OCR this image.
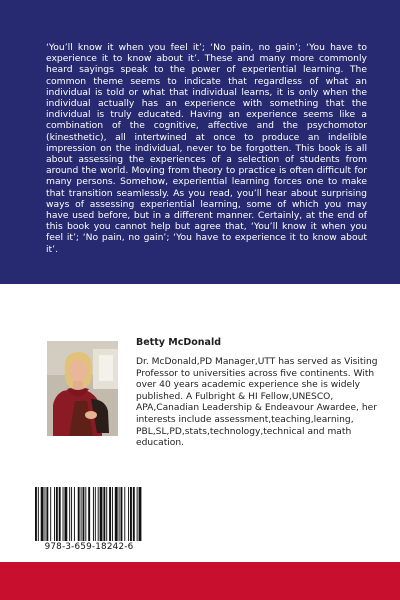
‘You’ll know it when you feel it’; ‘No pain, no gain’; ‘You have to experience it to know about it’. These and many more commonly heard sayings speak to the power of experiential learning. The common theme seems to indicate that regardless of what an individual is told or what that individual learns, it is only when the individual actually has an experience with something that the individual is truly educated. Having an experience seems like a combination of the cognitive, affective and the psychomotor (kinesthetic), all intertwined at once to produce an indelible impression on the individual, never to be forgotten. This book is all about assessing the experiences of a selection of students from around the world. Moving from theory to practice is often difficult for many persons. Somehow, experiential learning forces one to make that transition seamlessly. As you read, you’ll hear about surprising ways of assessing experiential learning, some of which you may have used before, but in a different manner. Certainly, at the end of this book you cannot help but agree that, ‘You’ll know it when you feel it’; ‘No pain, no gain’; ‘You have to experience it to know about it’.

Betty McDonald

Dr. McDonald,PD Manager,UTT has served as Visiting Professor to universities across five continents. With over 40 years academic experience she is widely published. A Fulbright & HI Fellow,UNESCO, APA,Canadian Leadership & Endeavour Awardee, her interests include assessment,teaching,learning, PBL,SL,PD,stats,technology,technical and math education.

978-3-659-18242-6
